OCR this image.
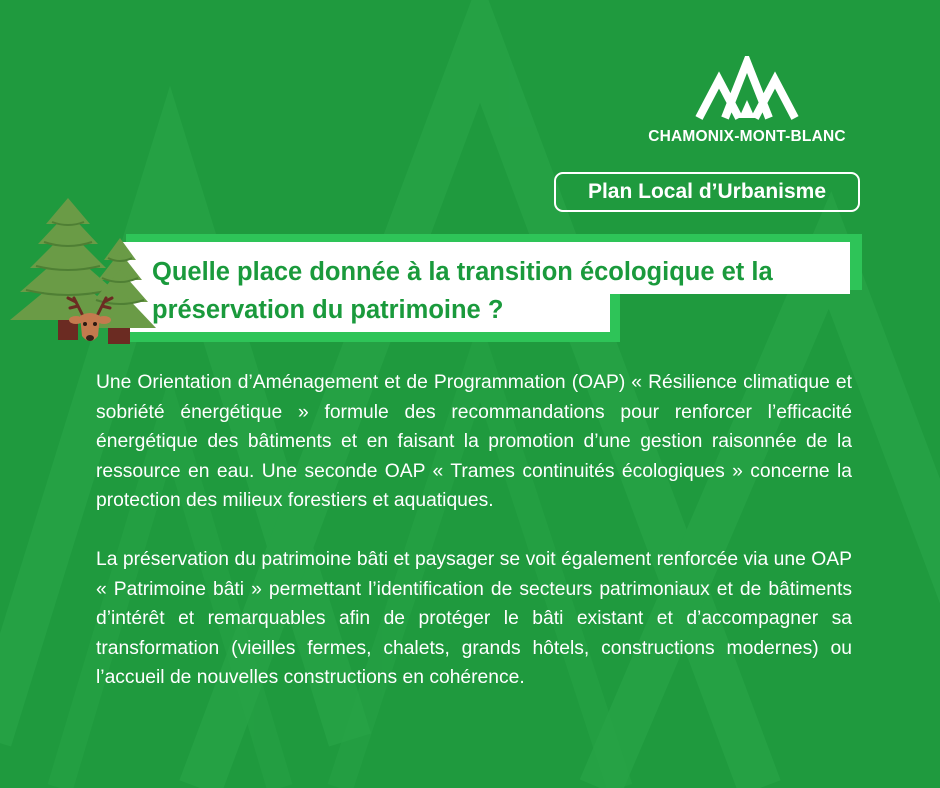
CHAMONIX-MONT-BLANC
Plan Local d’Urbanisme
Quelle place donnée à la transition écologique et la préservation du patrimoine ?

Une Orientation d’Aménagement et de Programmation (OAP) « Résilience climatique et sobriété énergétique » formule des recommandations pour renforcer l’efficacité énergétique des bâtiments et en faisant la promotion d’une gestion raisonnée de la ressource en eau. Une seconde OAP « Trames continuités écologiques » concerne la protection des milieux forestiers et aquatiques.

La préservation du patrimoine bâti et paysager se voit également renforcée via une OAP « Patrimoine bâti » permettant l’identification de secteurs patrimoniaux et de bâtiments d’intérêt et remarquables afin de protéger le bâti existant et d’accompagner sa transformation (vieilles fermes, chalets, grands hôtels, constructions modernes) ou l’accueil de nouvelles constructions en cohérence.
